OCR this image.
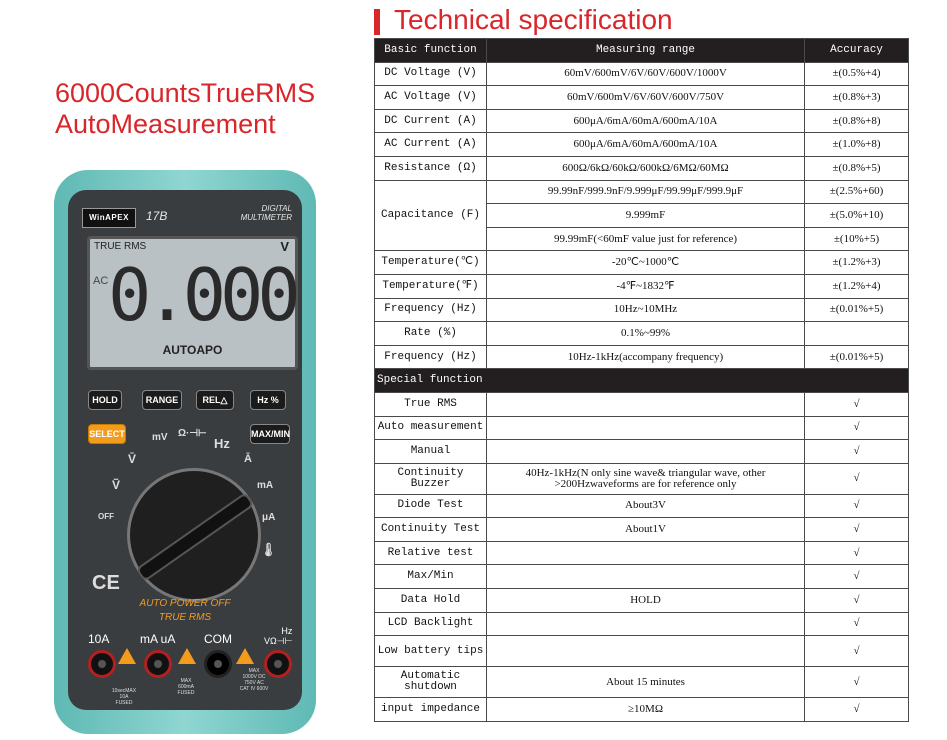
6000CountsTrueRMS
AutoMeasurement
WinAPEX	17B
DIGITAL
MULTIMETER
TRUE RMS	V
AC 0.000
AUTOAPO
HOLD	RANGE	REL△	Hz %
SELECT	MAX/MIN
mV Ω·⊣⊢
Hz
V̄
Ṽ
Ā
mA
μA
OFF
🌡
CE
AUTO POWER OFF
TRUE RMS
10A	mA uA COM
Hz
VΩ⊣⊢
10secMAX
10A
FUSED
MAX
600mA
FUSED
MAX
1000V DC
750V AC
CAT IV 600V
Technical specification
Basic function	Measuring range	Accuracy
DC Voltage (V)	60mV/600mV/6V/60V/600V/1000V	±(0.5%+4)
AC Voltage (V)	60mV/600mV/6V/60V/600V/750V	±(0.8%+3)
DC Current (A)	600μA/6mA/60mA/600mA/10A	±(0.8%+8)
AC Current (A)	600μA/6mA/60mA/600mA/10A	±(1.0%+8)
Resistance (Ω)	600Ω/6kΩ/60kΩ/600kΩ/6MΩ/60MΩ	±(0.8%+5)
Capacitance (F)	99.99nF/999.9nF/9.999μF/99.99μF/999.9μF	±(2.5%+60)
	9.999mF	±(5.0%+10)
	99.99mF(<60mF value just for reference)	±(10%+5)
Temperature(℃)	-20℃~1000℃	±(1.2%+3)
Temperature(℉)	-4℉~1832℉	±(1.2%+4)
Frequency (Hz)	10Hz~10MHz	±(0.01%+5)
Rate (%)	0.1%~99%	
Frequency (Hz)	10Hz-1kHz(accompany frequency)	±(0.01%+5)
Special function		
True RMS		√
Auto measurement		√
Manual		√
Continuity Buzzer	40Hz-1kHz(N only sine wave& triangular wave, other >200Hzwaveforms are for reference only	√
Diode Test	About3V	√
Continuity Test	About1V	√
Relative test		√
Max/Min		√
Data Hold	HOLD	√
LCD Backlight		√
Low battery tips		√
Automatic shutdown	About 15 minutes	√
input impedance	≥10MΩ	√
